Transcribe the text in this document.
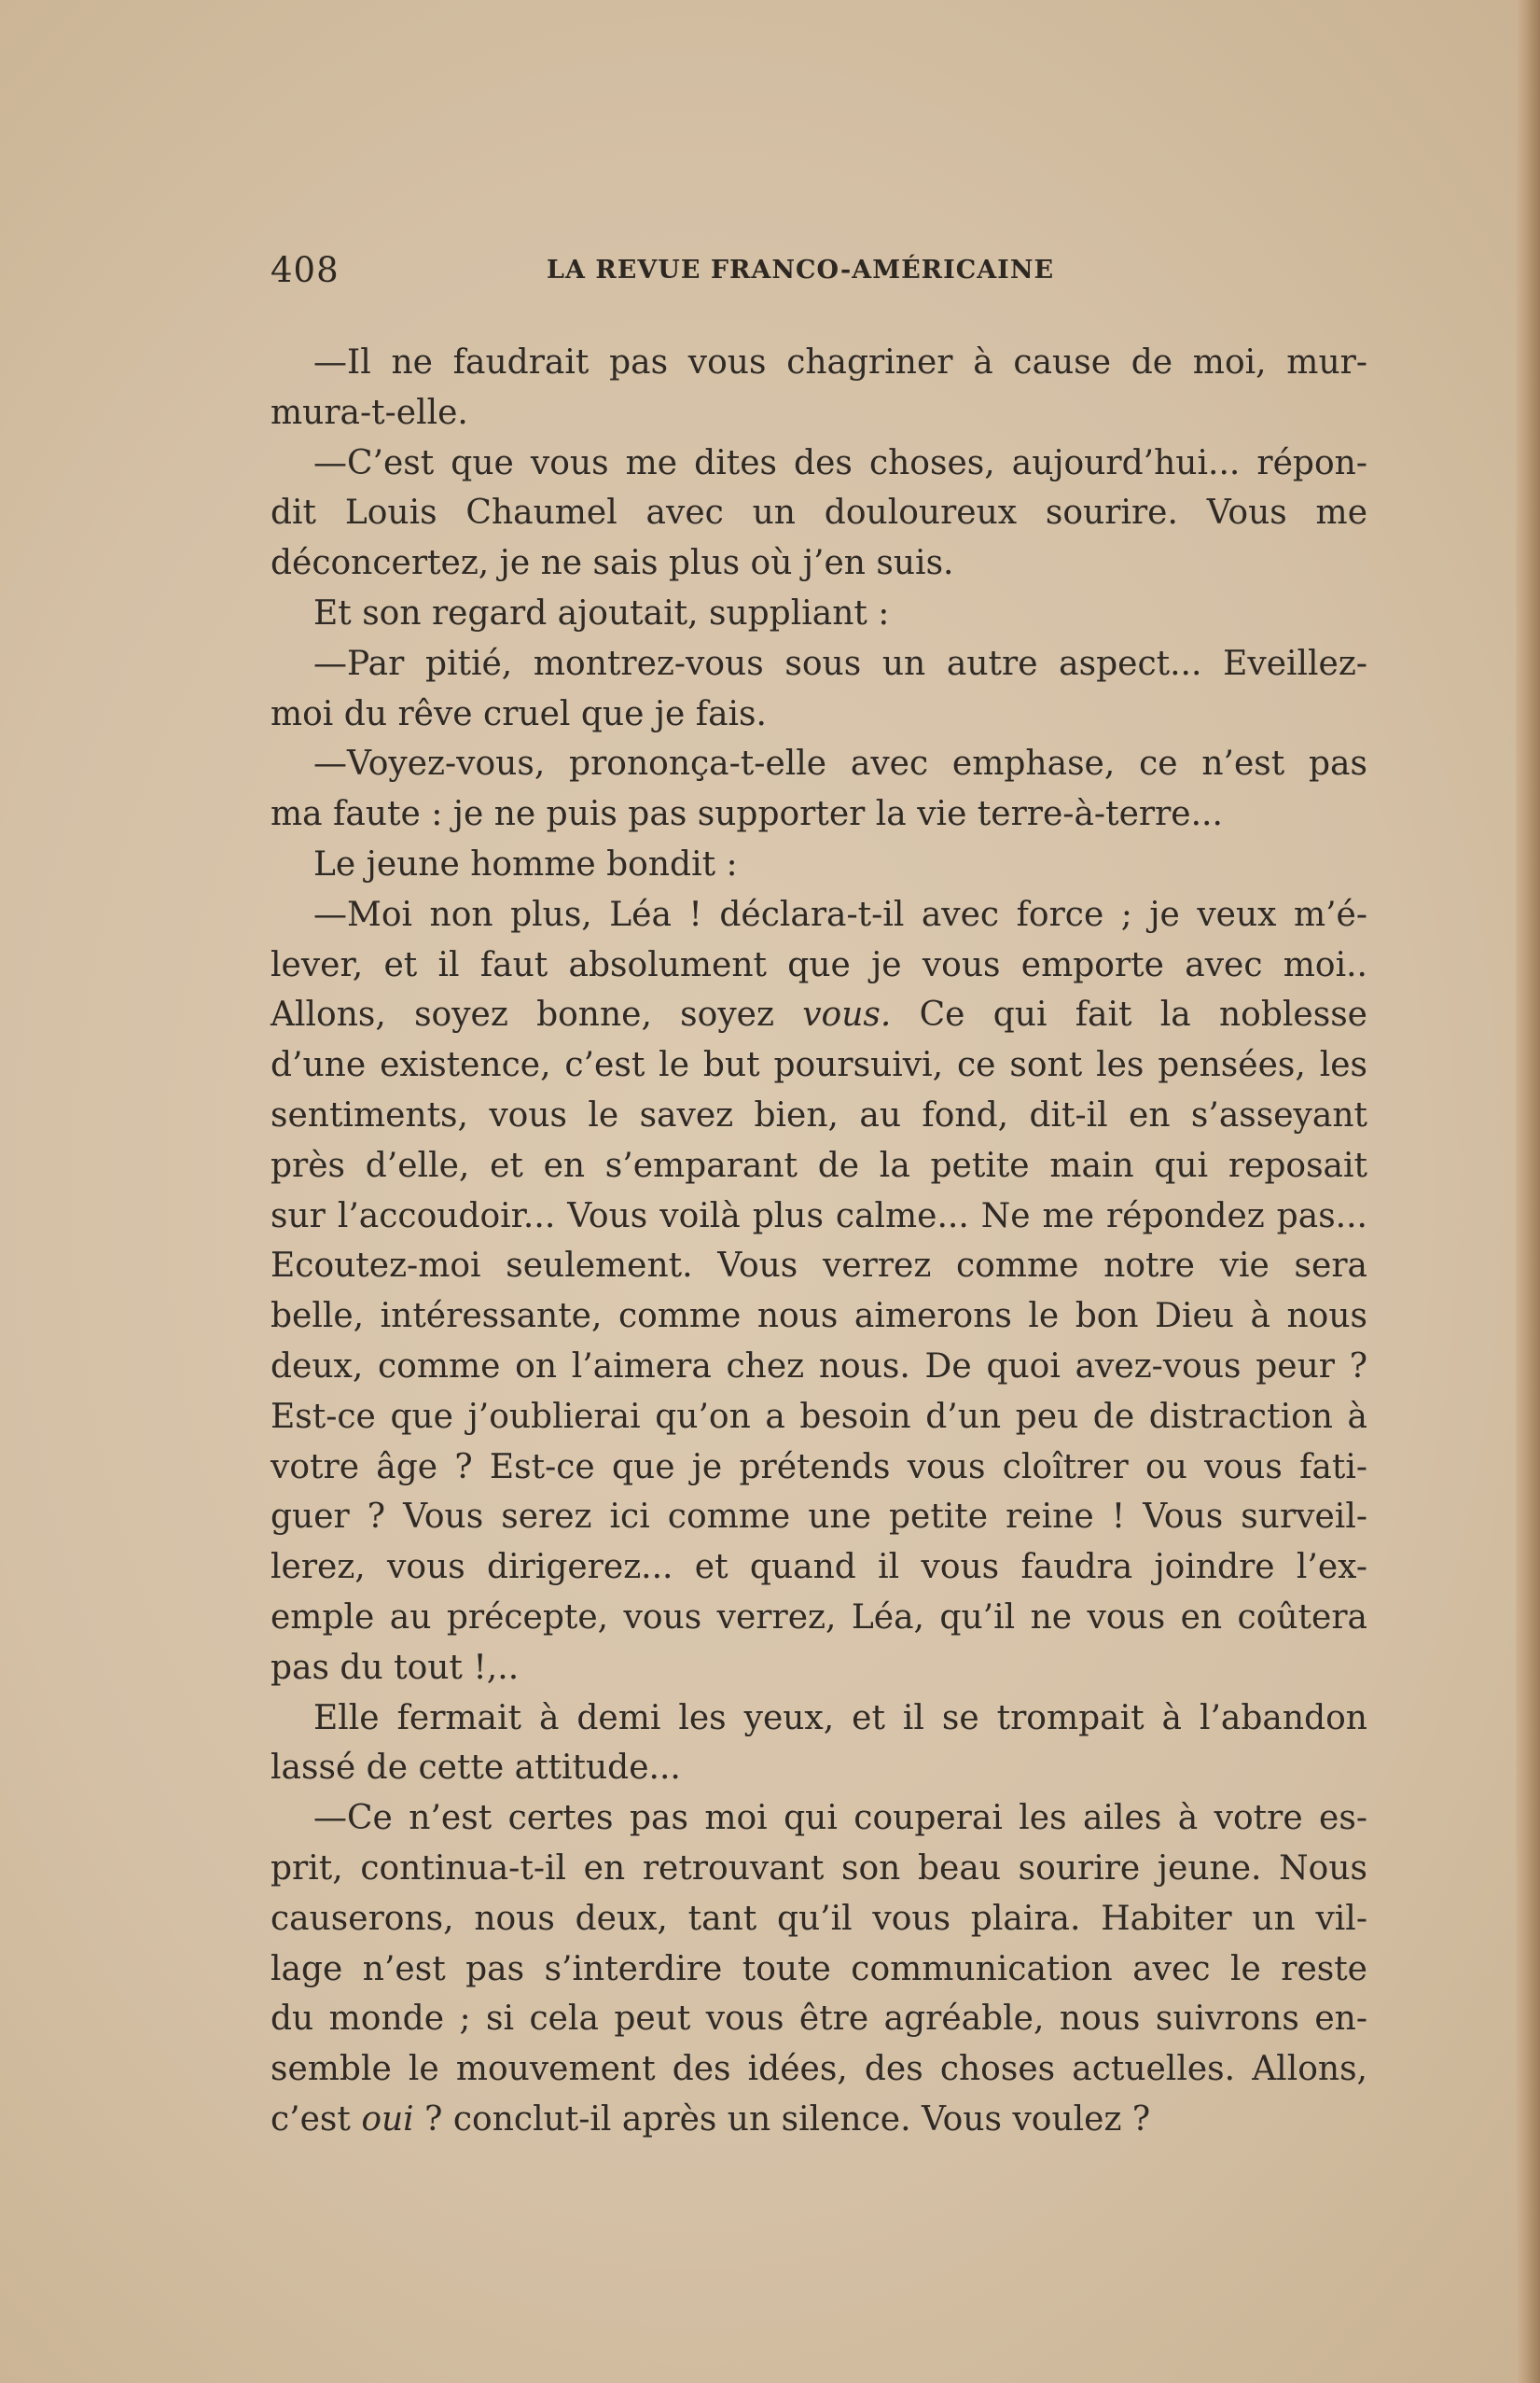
408	LA REVUE FRANCO-AMÉRICAINE
—Il ne faudrait pas vous chagriner à cause de moi, mur-
mura-t-elle.
—C’est que vous me dites des choses, aujourd’hui... répon-
dit Louis Chaumel avec un douloureux sourire. Vous me
déconcertez, je ne sais plus où j’en suis.
Et son regard ajoutait, suppliant :
—Par pitié, montrez-vous sous un autre aspect... Eveillez-
moi du rêve cruel que je fais.
—Voyez-vous, prononça-t-elle avec emphase, ce n’est pas
ma faute : je ne puis pas supporter la vie terre-à-terre...
Le jeune homme bondit :
—Moi non plus, Léa ! déclara-t-il avec force ; je veux m’é-
lever, et il faut absolument que je vous emporte avec moi..
Allons, soyez bonne, soyez vous. Ce qui fait la noblesse
d’une existence, c’est le but poursuivi, ce sont les pensées, les
sentiments, vous le savez bien, au fond, dit-il en s’asseyant
près d’elle, et en s’emparant de la petite main qui reposait
sur l’accoudoir... Vous voilà plus calme... Ne me répondez pas...
Ecoutez-moi seulement. Vous verrez comme notre vie sera
belle, intéressante, comme nous aimerons le bon Dieu à nous
deux, comme on l’aimera chez nous. De quoi avez-vous peur ?
Est-ce que j’oublierai qu’on a besoin d’un peu de distraction à
votre âge ? Est-ce que je prétends vous cloîtrer ou vous fati-
guer ? Vous serez ici comme une petite reine ! Vous surveil-
lerez, vous dirigerez... et quand il vous faudra joindre l’ex-
emple au précepte, vous verrez, Léa, qu’il ne vous en coûtera
pas du tout !,..
Elle fermait à demi les yeux, et il se trompait à l’abandon
lassé de cette attitude...
—Ce n’est certes pas moi qui couperai les ailes à votre es-
prit, continua-t-il en retrouvant son beau sourire jeune. Nous
causerons, nous deux, tant qu’il vous plaira. Habiter un vil-
lage n’est pas s’interdire toute communication avec le reste
du monde ; si cela peut vous être agréable, nous suivrons en-
semble le mouvement des idées, des choses actuelles. Allons,
c’est oui ? conclut-il après un silence. Vous voulez ?
